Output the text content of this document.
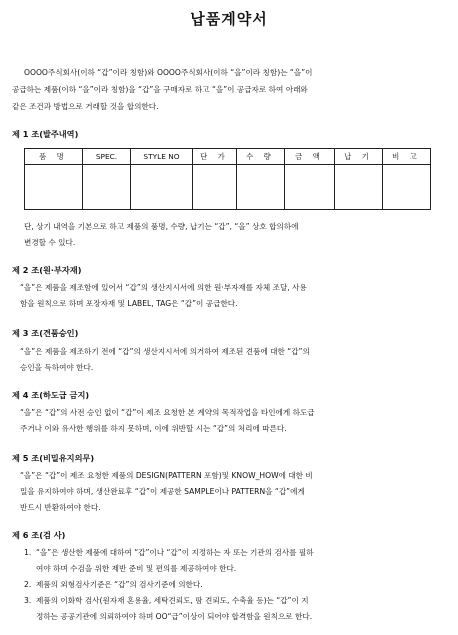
납품계약서
OOOO주식회사(이하 “갑”이라 칭함)와 OOOO주식회사(이하 “을”이라 칭함)는 “을”이
공급하는 제품(이하 “을”이라 칭함)을 “갑”을 구매자로 하고 “을”이 공급자로 하여 아래와
같은 조건과 방법으로 거래할 것을 합의한다.
제 1 조(발주내역)
품 명	SPEC.	STYLE NO	단 가	수 량	금 액	납 기	비 고

단, 상기 내역을 기본으로 하고 제품의 품명, 수량, 납기는 “갑”, “을” 상호 합의하에
변경할 수 있다.
제 2 조(원·부자재)
“을”은 제품을 제조함에 있어서 “갑”의 생산지시서에 의한 원·부자재를 자체 조달, 사용
함을 원칙으로 하며 포장자재 및 LABEL, TAG은 “갑”이 공급한다.
제 3 조(견품승인)
“을”은 제품을 제조하기 전에 “갑”의 생산지시서에 의거하여 제조된 견품에 대한 “갑”의
승인을 득하여야 한다.
제 4 조(하도급 금지)
“을”은 “갑”의 사전 승인 없이 “갑”이 제조 요청한 본 계약의 목적작업을 타인에게 하도급
주거나 이와 유사한 행위를 하지 못하며, 이에 위반할 시는 “갑”의 처리에 따른다.
제 5 조(비밀유지의무)
“을”은 “갑”이 제조 요청한 제품의 DESIGN(PATTERN 포함)및 KNOW_HOW에 대한 비
밀을 유지하여야 하며, 생산완료후 “갑”이 제공한 SAMPLE이나 PATTERN을 “갑”에게
반드시 반환하여야 한다.
제 6 조(검 사)
1. “을”은 생산한 제품에 대하여 “갑”이나 “갑”이 지정하는 자 또는 기관의 검사를 필하
여야 하며 수검을 위한 제반 준비 및 편의를 제공하여야 한다.
2. 제품의 외형검사기준은 “갑”의 검사기준에 의한다.
3. 제품의 이화학 검사(원자재 혼용율, 세탁견뢰도, 땀 견뢰도, 수축율 등)는 “갑”이 지
정하는 공공기관에 의뢰하여야 하며 OO“급”이상이 되어야 합격함을 원칙으로 한다.
